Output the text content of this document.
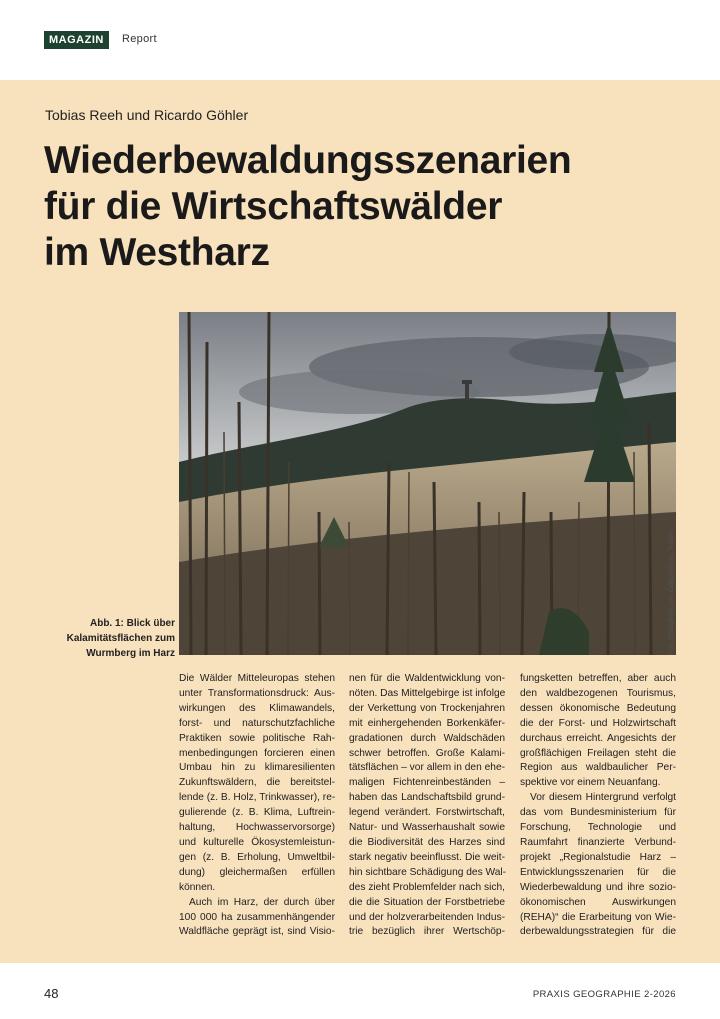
MAGAZIN	Report
Tobias Reeh und Ricardo Göhler
Wiederbewaldungsszenarien
für die Wirtschaftswälder
im Westharz
Foto: iStockphoto.com, Calgary/Bruns, Torsten
Abb. 1: Blick über
Kalamitätsflächen zum
Wurmberg im Harz
Die Wälder Mitteleuropas stehen
unter Transformationsdruck: Aus-
wirkungen des Klimawandels,
forst- und naturschutzfachliche
Praktiken sowie politische Rah-
menbedingungen forcieren einen
Umbau hin zu klimaresilienten
Zukunftswäldern, die bereitstel-
lende (z. B. Holz, Trinkwasser), re-
gulierende (z. B. Klima, Luftrein-
haltung, Hochwasservorsorge)
und kulturelle Ökosystemleistun-
gen (z. B. Erholung, Umweltbil-
dung) gleichermaßen erfüllen
können.
Auch im Harz, der durch über
100 000 ha zusammenhängender
Waldfläche geprägt ist, sind Visio-
nen für die Waldentwicklung von-
nöten. Das Mittelgebirge ist infolge
der Verkettung von Trockenjahren
mit einhergehenden Borkenkäfer-
gradationen durch Waldschäden
schwer betroffen. Große Kalami-
tätsflächen – vor allem in den ehe-
maligen Fichtenreinbeständen –
haben das Landschaftsbild grund-
legend verändert. Forstwirtschaft,
Natur- und Wasserhaushalt sowie
die Biodiversität des Harzes sind
stark negativ beeinflusst. Die weit-
hin sichtbare Schädigung des Wal-
des zieht Problemfelder nach sich,
die die Situation der Forstbetriebe
und der holzverarbeitenden Indus-
trie bezüglich ihrer Wertschöp-
fungsketten betreffen, aber auch
den waldbezogenen Tourismus,
dessen ökonomische Bedeutung
die der Forst- und Holzwirtschaft
durchaus erreicht. Angesichts der
großflächigen Freilagen steht die
Region aus waldbaulicher Per-
spektive vor einem Neuanfang.
Vor diesem Hintergrund verfolgt
das vom Bundesministerium für
Forschung, Technologie und
Raumfahrt finanzierte Verbund-
projekt „Regionalstudie Harz –
Entwicklungsszenarien für die
Wiederbewaldung und ihre sozio-
ökonomischen Auswirkungen
(REHA)“ die Erarbeitung von Wie-
derbewaldungsstrategien für die
48	PRAXIS GEOGRAPHIE 2-2026
